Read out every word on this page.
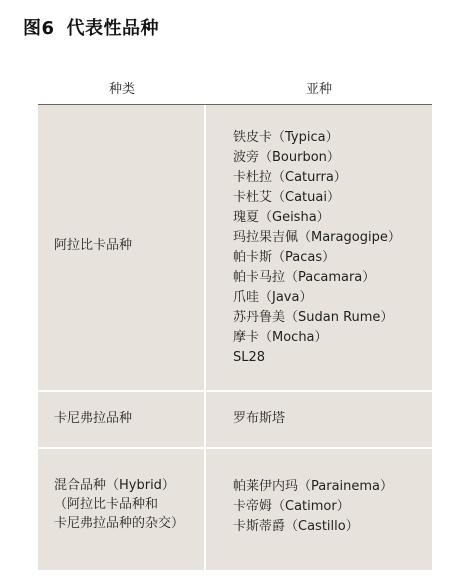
图6 代表性品种
种类	亚种
阿拉比卡品种
铁皮卡（Typica）
波旁（Bourbon）
卡杜拉（Caturra）
卡杜艾（Catuai）
瑰夏（Geisha）
玛拉果吉佩（Maragogipe）
帕卡斯（Pacas）
帕卡马拉（Pacamara）
爪哇（Java）
苏丹鲁美（Sudan Rume）
摩卡（Mocha）
SL28
卡尼弗拉品种	罗布斯塔
混合品种（Hybrid）
（阿拉比卡品种和
卡尼弗拉品种的杂交）
帕莱伊内玛（Parainema）
卡帝姆（Catimor）
卡斯蒂爵（Castillo）
